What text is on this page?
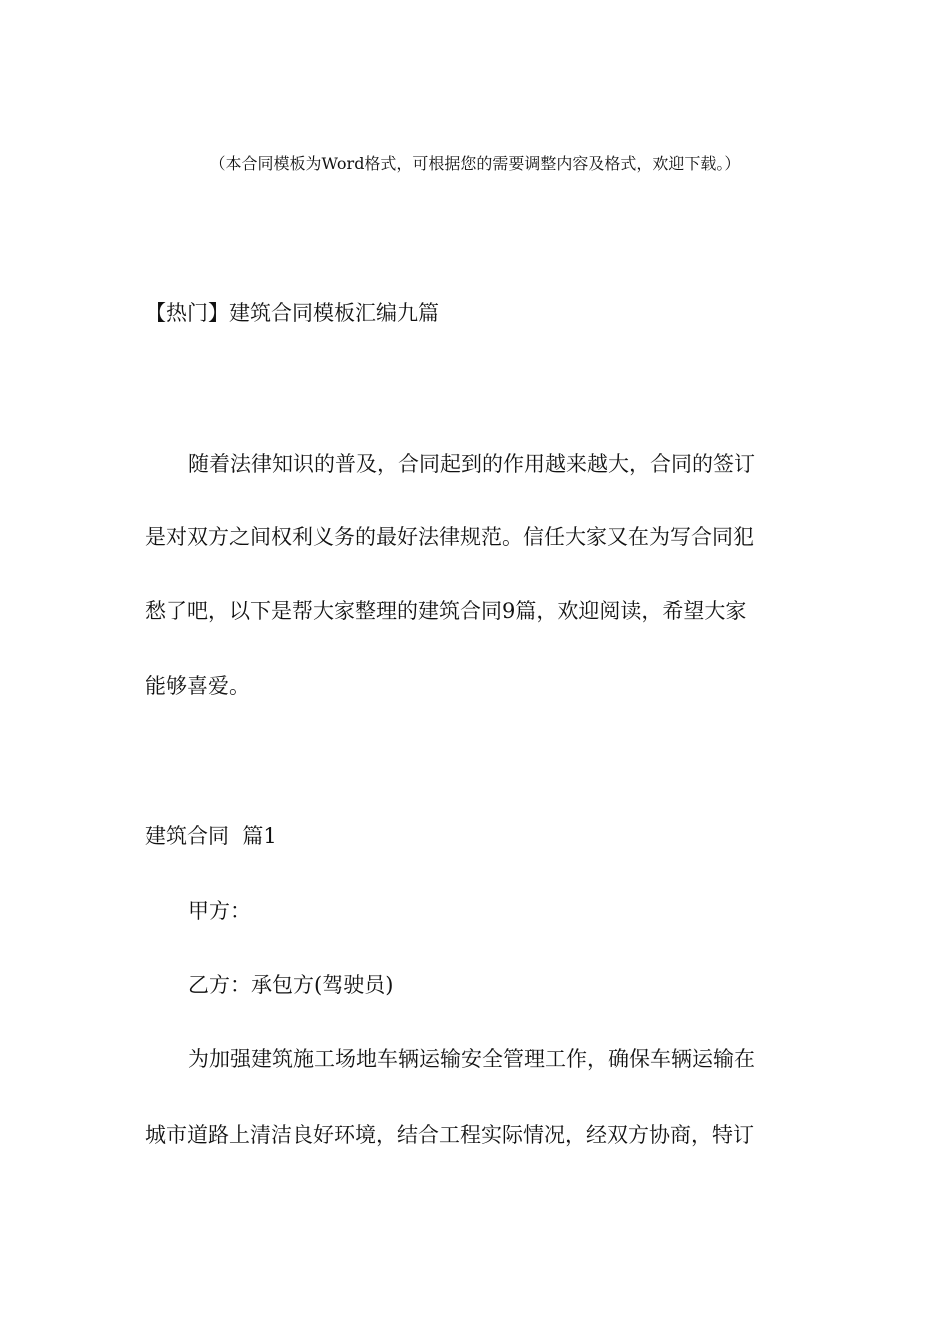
（本合同模板为Word格式，可根据您的需要调整内容及格式，欢迎下载。）
【热门】建筑合同模板汇编九篇
随着法律知识的普及，合同起到的作用越来越大，合同的签订
是对双方之间权利义务的最好法律规范。信任大家又在为写合同犯
愁了吧，以下是帮大家整理的建筑合同9篇，欢迎阅读，希望大家
能够喜爱。
建筑合同  篇1
甲方：
乙方：承包方(驾驶员)
为加强建筑施工场地车辆运输安全管理工作，确保车辆运输在
城市道路上清洁良好环境，结合工程实际情况，经双方协商，特订
